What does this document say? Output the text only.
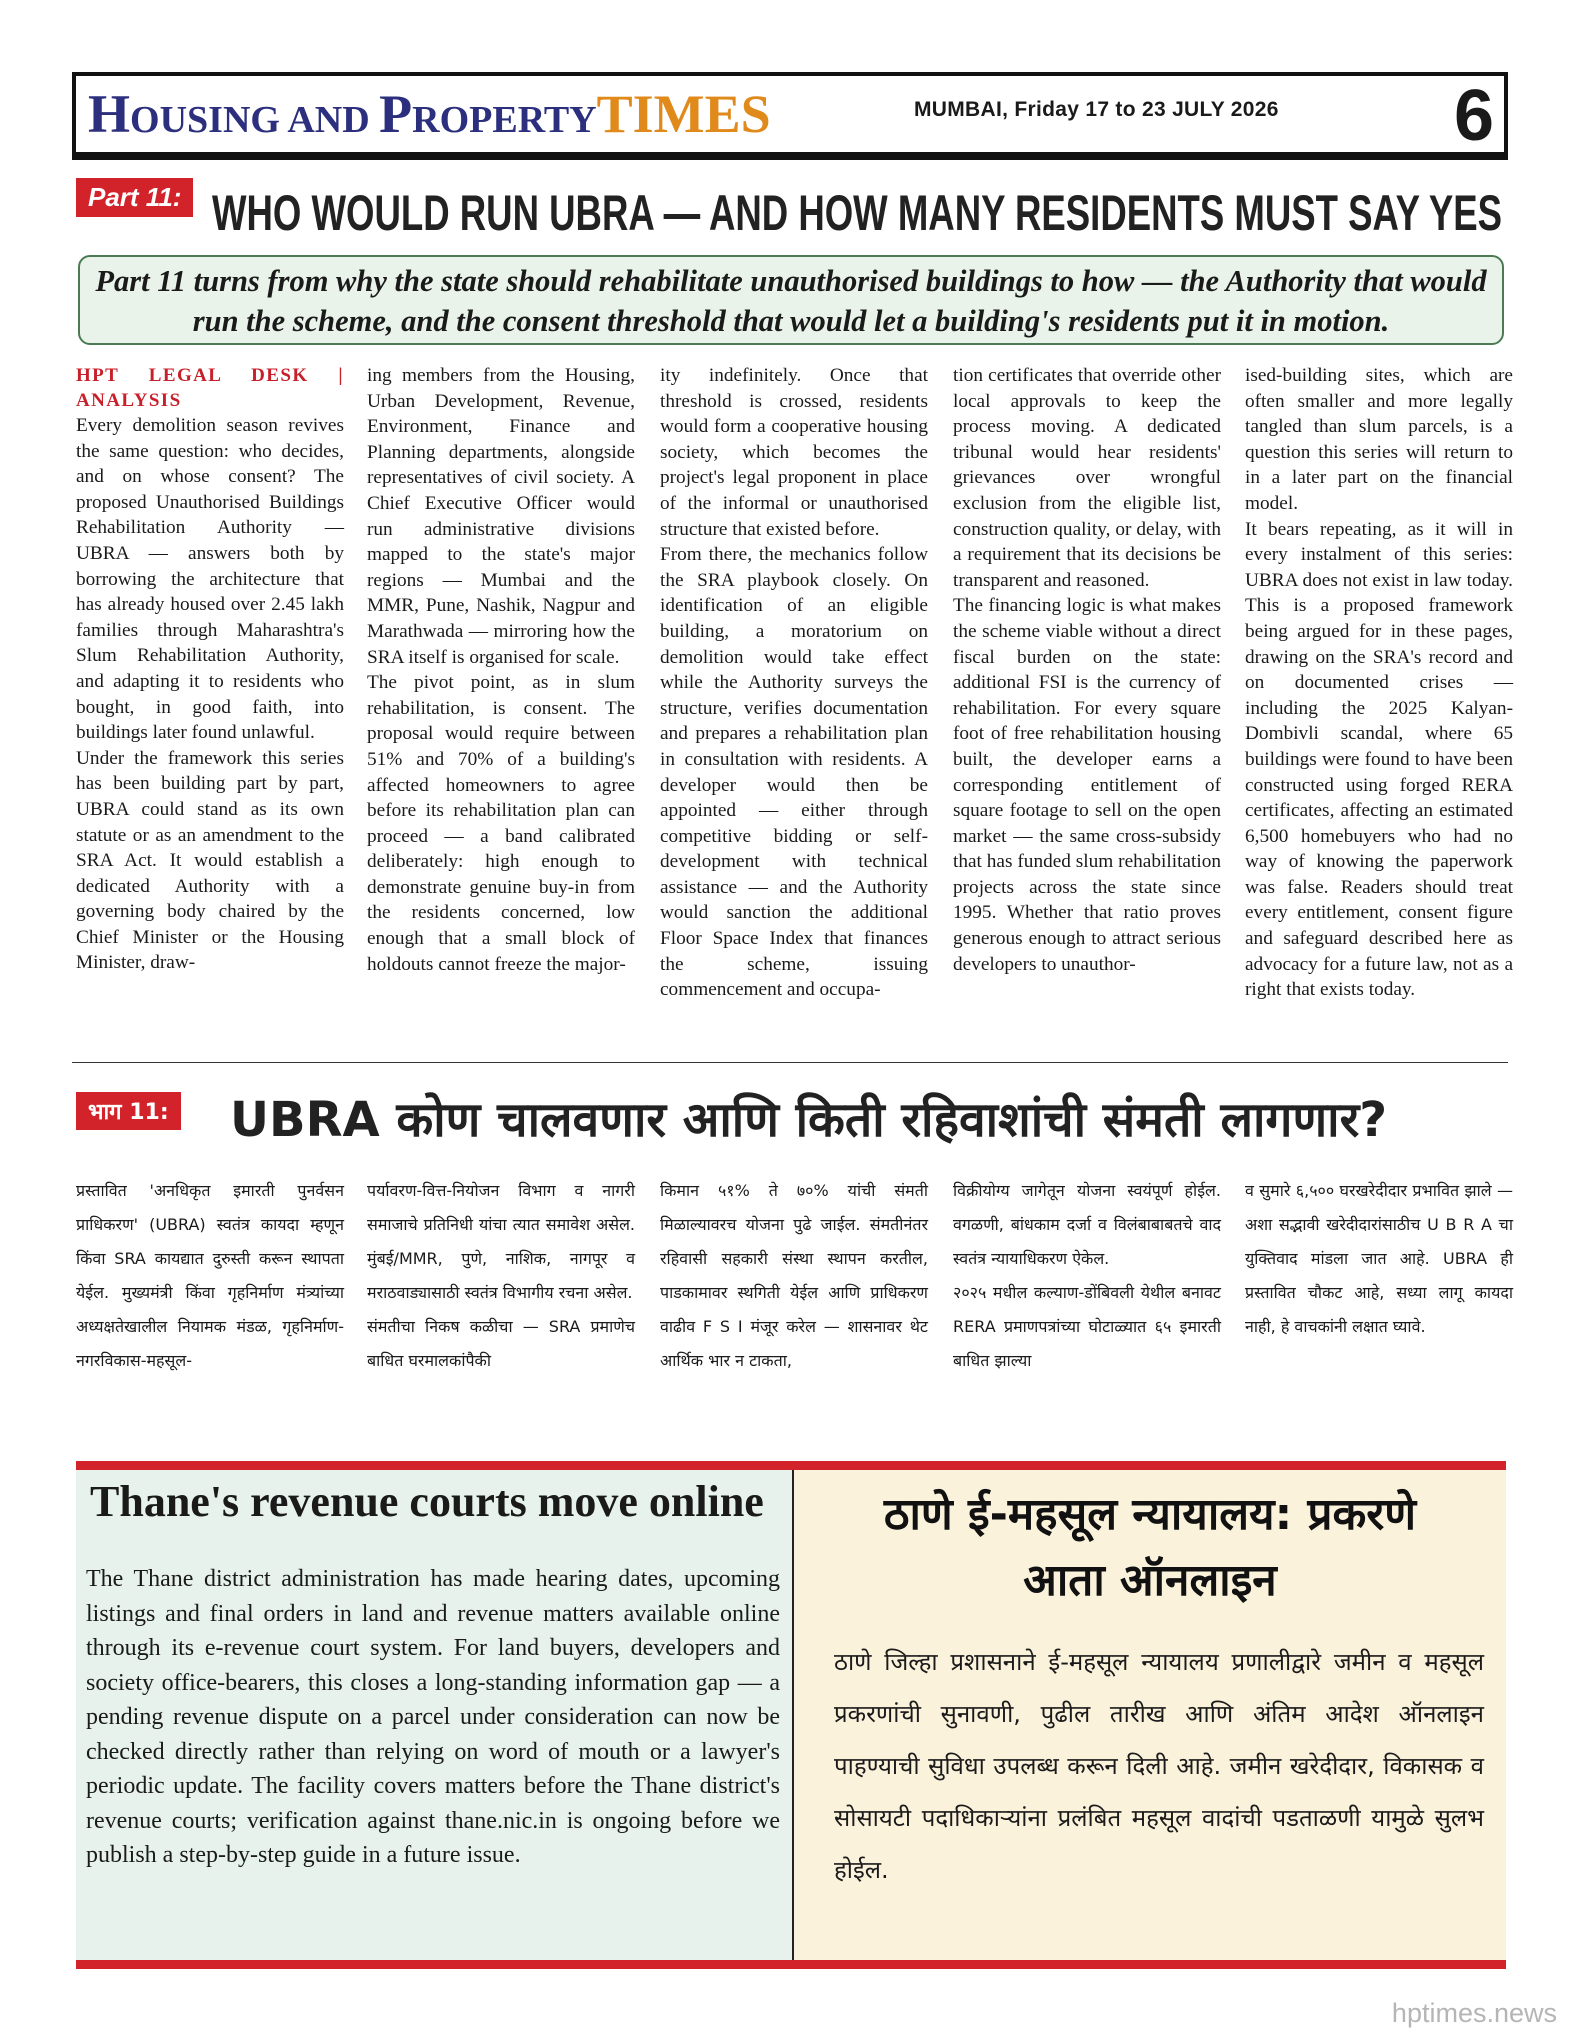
HOUSING AND PROPERTYTIMES	MUMBAI, Friday 17 to 23 JULY 2026 6
Part 11: WHO WOULD RUN UBRA — AND HOW MANY RESIDENTS MUST SAY YES
Part 11 turns from why the state should rehabilitate unauthorised buildings to how — the Authority that would run the scheme, and the consent threshold that would let a building's residents put it in motion.

HPT LEGAL DESK | ANALYSIS

Every demolition season revives the same question: who decides, and on whose consent? The proposed Unauthorised Buildings Rehabilitation Authority — UBRA — answers both by borrowing the architecture that has already housed over 2.45 lakh families through Maharashtra's Slum Rehabilitation Authority, and adapting it to residents who bought, in good faith, into buildings later found unlawful.

Under the framework this series has been building part by part, UBRA could stand as its own statute or as an amendment to the SRA Act. It would establish a dedicated Authority with a governing body chaired by the Chief Minister or the Housing Minister, draw-

ing members from the Housing, Urban Development, Revenue, Environment, Finance and Planning departments, alongside representatives of civil society. A Chief Executive Officer would run administrative divisions mapped to the state's major regions — Mumbai and the MMR, Pune, Nashik, Nagpur and Marathwada — mirroring how the SRA itself is organised for scale.

The pivot point, as in slum rehabilitation, is consent. The proposal would require between 51% and 70% of a building's affected homeowners to agree before its rehabilitation plan can proceed — a band calibrated deliberately: high enough to demonstrate genuine buy-in from the residents concerned, low enough that a small block of holdouts cannot freeze the major-

ity indefinitely. Once that threshold is crossed, residents would form a cooperative housing society, which becomes the project's legal proponent in place of the informal or unauthorised structure that existed before.

From there, the mechanics follow the SRA playbook closely. On identification of an eligible building, a moratorium on demolition would take effect while the Authority surveys the structure, verifies documentation and prepares a rehabilitation plan in consultation with residents. A developer would then be appointed — either through competitive bidding or self-development with technical assistance — and the Authority would sanction the additional Floor Space Index that finances the scheme, issuing commencement and occupa-

tion certificates that override other local approvals to keep the process moving. A dedicated tribunal would hear residents' grievances over wrongful exclusion from the eligible list, construction quality, or delay, with a requirement that its decisions be transparent and reasoned.

The financing logic is what makes the scheme viable without a direct fiscal burden on the state: additional FSI is the currency of rehabilitation. For every square foot of free rehabilitation housing built, the developer earns a corresponding entitlement of square footage to sell on the open market — the same cross-subsidy that has funded slum rehabilitation projects across the state since 1995. Whether that ratio proves generous enough to attract serious developers to unauthor-

ised-building sites, which are often smaller and more legally tangled than slum parcels, is a question this series will return to in a later part on the financial model.

It bears repeating, as it will in every instalment of this series: UBRA does not exist in law today. This is a proposed framework being argued for in these pages, drawing on the SRA's record and on documented crises — including the 2025 Kalyan-Dombivli scandal, where 65 buildings were found to have been constructed using forged RERA certificates, affecting an estimated 6,500 homebuyers who had no way of knowing the paperwork was false. Readers should treat every entitlement, consent figure and safeguard described here as advocacy for a future law, not as a right that exists today.

भाग 11: UBRA कोण चालवणार आणि किती रहिवाशांची संमती लागणार?

प्रस्तावित 'अनधिकृत इमारती पुनर्वसन प्राधिकरण' (UBRA) स्वतंत्र कायदा म्हणून किंवा SRA कायद्यात दुरुस्ती करून स्थापता येईल. मुख्यमंत्री किंवा गृहनिर्माण मंत्र्यांच्या अध्यक्षतेखालील नियामक मंडळ, गृहनिर्माण-नगरविकास-महसूल-

पर्यावरण-वित्त-नियोजन विभाग व नागरी समाजाचे प्रतिनिधी यांचा त्यात समावेश असेल. मुंबई/MMR, पुणे, नाशिक, नागपूर व मराठवाड्यासाठी स्वतंत्र विभागीय रचना असेल.

संमतीचा निकष कळीचा — SRA प्रमाणेच बाधित घरमालकांपैकी

किमान ५१% ते ७०% यांची संमती मिळाल्यावरच योजना पुढे जाईल. संमतीनंतर रहिवासी सहकारी संस्था स्थापन करतील, पाडकामावर स्थगिती येईल आणि प्राधिकरण वाढीव F S I मंजूर करेल — शासनावर थेट आर्थिक भार न टाकता,

विक्रीयोग्य जागेतून योजना स्वयंपूर्ण होईल. वगळणी, बांधकाम दर्जा व विलंबाबाबतचे वाद स्वतंत्र न्यायाधिकरण ऐकेल.

२०२५ मधील कल्याण-डोंबिवली येथील बनावट RERA प्रमाणपत्रांच्या घोटाळ्यात ६५ इमारती बाधित झाल्या

व सुमारे ६,५०० घरखरेदीदार प्रभावित झाले — अशा सद्भावी खरेदीदारांसाठीच U B R A चा युक्तिवाद मांडला जात आहे. UBRA ही प्रस्तावित चौकट आहे, सध्या लागू कायदा नाही, हे वाचकांनी लक्षात घ्यावे.

Thane's revenue courts move online
The Thane district administration has made hearing dates, upcoming listings and final orders in land and revenue matters available online through its e-revenue court system. For land buyers, developers and society office-bearers, this closes a long-standing information gap — a pending revenue dispute on a parcel under consideration can now be checked directly rather than relying on word of mouth or a lawyer's periodic update. The facility covers matters before the Thane district's revenue courts; verification against thane.nic.in is ongoing before we publish a step-by-step guide in a future issue.
ठाणे ई-महसूल न्यायालय: प्रकरणे
आता ऑनलाइन
ठाणे जिल्हा प्रशासनाने ई-महसूल न्यायालय प्रणालीद्वारे जमीन व महसूल प्रकरणांची सुनावणी, पुढील तारीख आणि अंतिम आदेश ऑनलाइन पाहण्याची सुविधा उपलब्ध करून दिली आहे. जमीन खरेदीदार, विकासक व सोसायटी पदाधिकाऱ्यांना प्रलंबित महसूल वादांची पडताळणी यामुळे सुलभ होईल.
hptimes.news
